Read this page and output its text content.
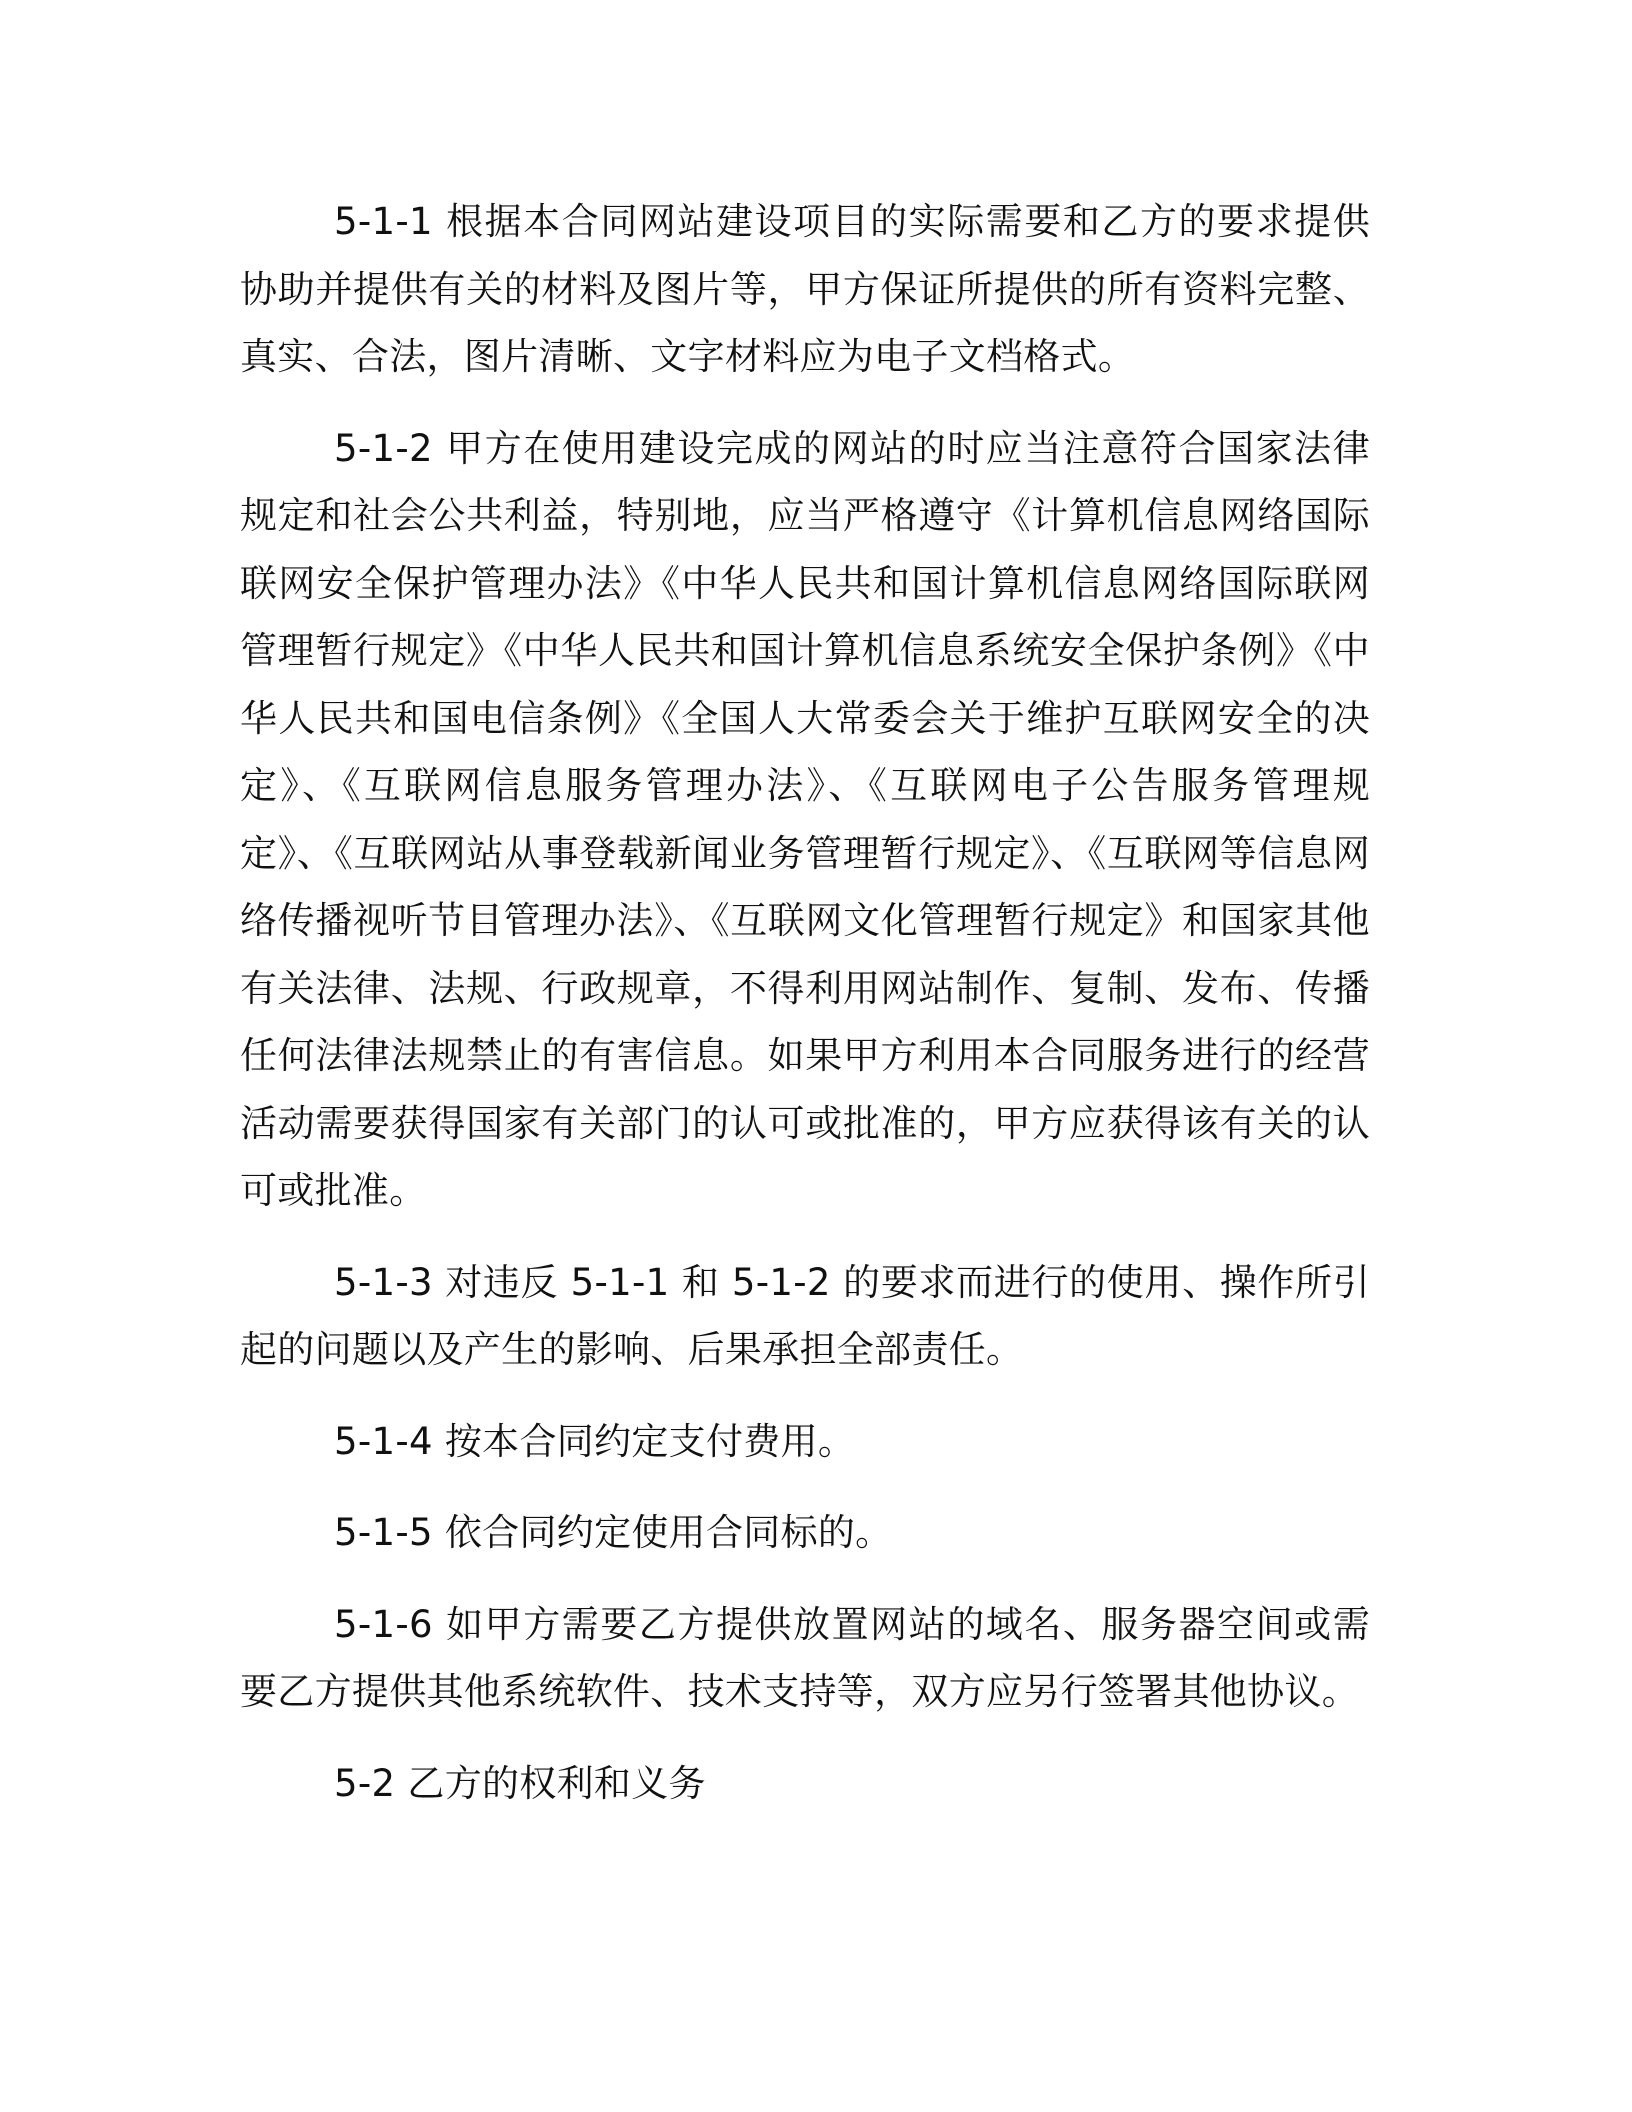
5-1-1 根据本合同网站建设项目的实际需要和乙方的要求提供协助并提供有关的材料及图片等，甲方保证所提供的所有资料完整、真实、合法，图片清晰、文字材料应为电子文档格式。

5-1-2 甲方在使用建设完成的网站的时应当注意符合国家法律规定和社会公共利益，特别地，应当严格遵守《计算机信息网络国际联网安全保护管理办法》《中华人民共和国计算机信息网络国际联网管理暂行规定》《中华人民共和国计算机信息系统安全保护条例》《中华人民共和国电信条例》《全国人大常委会关于维护互联网安全的决定》、《互联网信息服务管理办法》、《互联网电子公告服务管理规定》、《互联网站从事登载新闻业务管理暂行规定》、《互联网等信息网络传播视听节目管理办法》、《互联网文化管理暂行规定》和国家其他有关法律、法规、行政规章，不得利用网站制作、复制、发布、传播任何法律法规禁止的有害信息。如果甲方利用本合同服务进行的经营活动需要获得国家有关部门的认可或批准的，甲方应获得该有关的认可或批准。

5-1-3 对违反 5-1-1 和 5-1-2 的要求而进行的使用、操作所引起的问题以及产生的影响、后果承担全部责任。

5-1-4 按本合同约定支付费用。

5-1-5 依合同约定使用合同标的。

5-1-6 如甲方需要乙方提供放置网站的域名、服务器空间或需要乙方提供其他系统软件、技术支持等，双方应另行签署其他协议。

5-2 乙方的权利和义务
